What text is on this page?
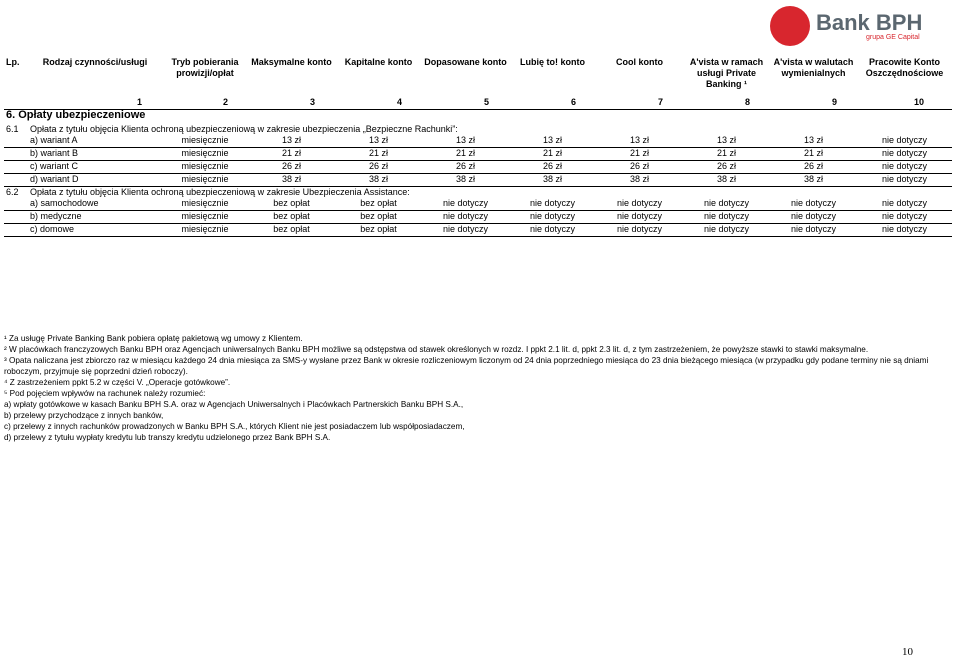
Bank BPH
grupa GE Capital
Lp.	Rodzaj czynności/usługi	Tryb pobierania prowizji/opłat	Maksymalne konto	Kapitalne konto	Dopasowane konto	Lubię to! konto	Cool konto	A'vista w ramach usługi Private Banking ¹	A'vista w walutach wymienialnych	Pracowite Konto Oszczędnościowe
1		2	3	4	5	6	7	8	9	10
6. Opłaty ubezpieczeniowe										
6.1	Opłata z tytułu objęcia Klienta ochroną ubezpieczeniową w zakresie ubezpieczenia „Bezpieczne Rachunki”:									
	a) wariant A	miesięcznie	13 zł	13 zł	13 zł	13 zł	13 zł	13 zł	13 zł	nie dotyczy
	b) wariant B	miesięcznie	21 zł	21 zł	21 zł	21 zł	21 zł	21 zł	21 zł	nie dotyczy
	c) wariant C	miesięcznie	26 zł	26 zł	26 zł	26 zł	26 zł	26 zł	26 zł	nie dotyczy
	d) wariant D	miesięcznie	38 zł	38 zł	38 zł	38 zł	38 zł	38 zł	38 zł	nie dotyczy
6.2	Opłata z tytułu objęcia Klienta ochroną ubezpieczeniową w zakresie Ubezpieczenia Assistance:									
	a) samochodowe	miesięcznie	bez opłat	bez opłat	nie dotyczy	nie dotyczy	nie dotyczy	nie dotyczy	nie dotyczy	nie dotyczy
	b) medyczne	miesięcznie	bez opłat	bez opłat	nie dotyczy	nie dotyczy	nie dotyczy	nie dotyczy	nie dotyczy	nie dotyczy
	c) domowe	miesięcznie	bez opłat	bez opłat	nie dotyczy	nie dotyczy	nie dotyczy	nie dotyczy	nie dotyczy	nie dotyczy

¹ Za usługę Private Banking Bank pobiera opłatę pakietową wg umowy z Klientem.

² W placówkach franczyzowych Banku BPH oraz Agencjach uniwersalnych Banku BPH możliwe są odstępstwa od stawek określonych w rozdz. I ppkt 2.1 lit. d, ppkt 2.3 lit. d, z tym zastrzeżeniem, że powyższe stawki to stawki maksymalne.

³ Opata naliczana jest zbiorczo raz w miesiącu każdego 24 dnia miesiąca za SMS-y wysłane przez Bank w okresie rozliczeniowym liczonym od 24 dnia poprzedniego miesiąca do 23 dnia bieżącego miesiąca (w przypadku gdy podane terminy nie są dniami roboczym, przyjmuje się poprzedni dzień roboczy).

⁴ Z zastrzeżeniem ppkt 5.2 w części V. „Operacje gotówkowe”.

⁵ Pod pojęciem wpływów na rachunek należy rozumieć:

a) wpłaty gotówkowe w kasach Banku BPH S.A. oraz w Agencjach Uniwersalnych i Placówkach Partnerskich Banku BPH S.A.,

b) przelewy przychodzące z innych banków,

c) przelewy z innych rachunków prowadzonych w Banku BPH S.A., których Klient nie jest posiadaczem lub współposiadaczem,

d) przelewy z tytułu wypłaty kredytu lub transzy kredytu udzielonego przez Bank BPH S.A.

10
